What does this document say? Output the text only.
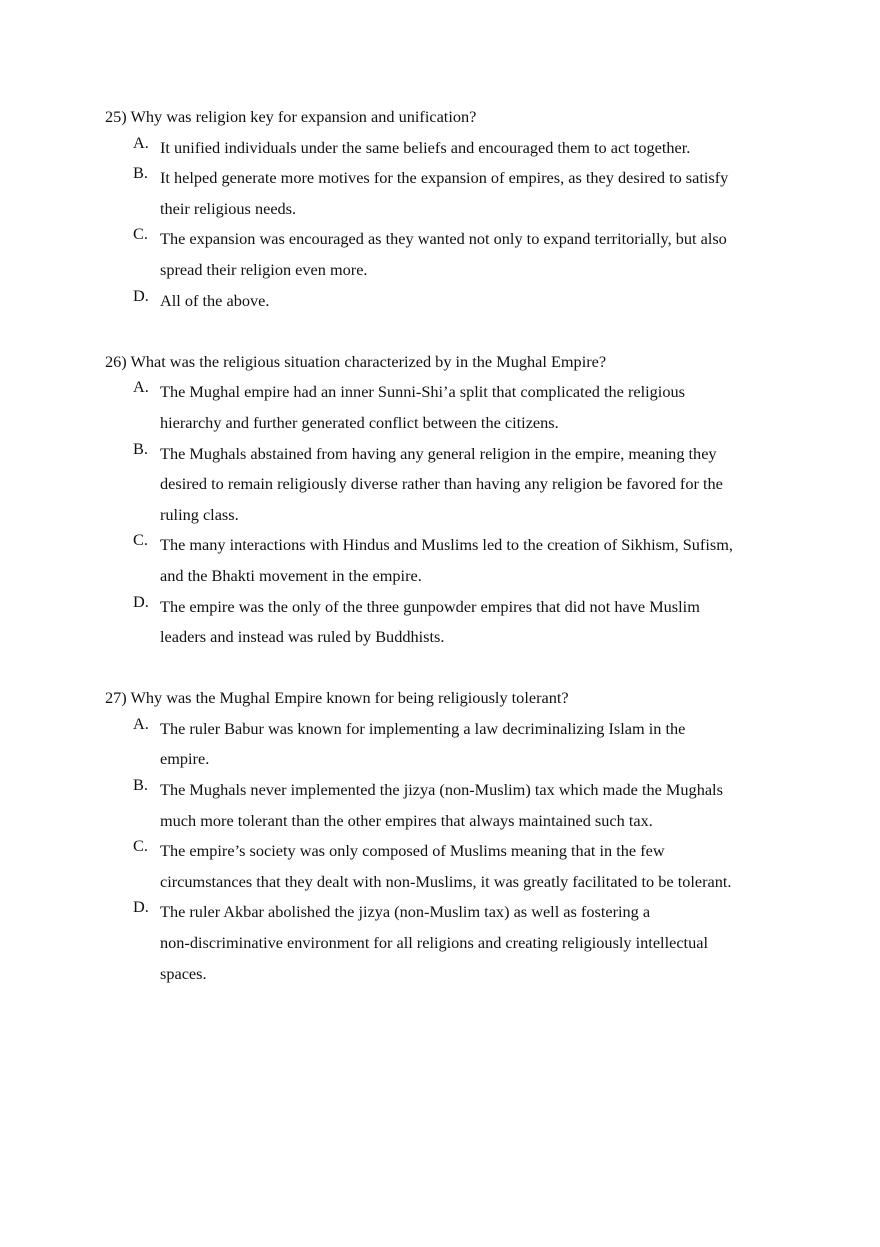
25) Why was religion key for expansion and unification?
A. It unified individuals under the same beliefs and encouraged them to act together.
B. It helped generate more motives for the expansion of empires, as they desired to satisfy
their religious needs.
C. The expansion was encouraged as they wanted not only to expand territorially, but also
spread their religion even more.
D. All of the above.
26) What was the religious situation characterized by in the Mughal Empire?
A. The Mughal empire had an inner Sunni-Shi’a split that complicated the religious
hierarchy and further generated conflict between the citizens.
B. The Mughals abstained from having any general religion in the empire, meaning they
desired to remain religiously diverse rather than having any religion be favored for the
ruling class.
C. The many interactions with Hindus and Muslims led to the creation of Sikhism, Sufism,
and the Bhakti movement in the empire.
D. The empire was the only of the three gunpowder empires that did not have Muslim
leaders and instead was ruled by Buddhists.
27) Why was the Mughal Empire known for being religiously tolerant?
A. The ruler Babur was known for implementing a law decriminalizing Islam in the
empire.
B. The Mughals never implemented the jizya (non-Muslim) tax which made the Mughals
much more tolerant than the other empires that always maintained such tax.
C. The empire’s society was only composed of Muslims meaning that in the few
circumstances that they dealt with non-Muslims, it was greatly facilitated to be tolerant.
D. The ruler Akbar abolished the jizya (non-Muslim tax) as well as fostering a
non-discriminative environment for all religions and creating religiously intellectual
spaces.
